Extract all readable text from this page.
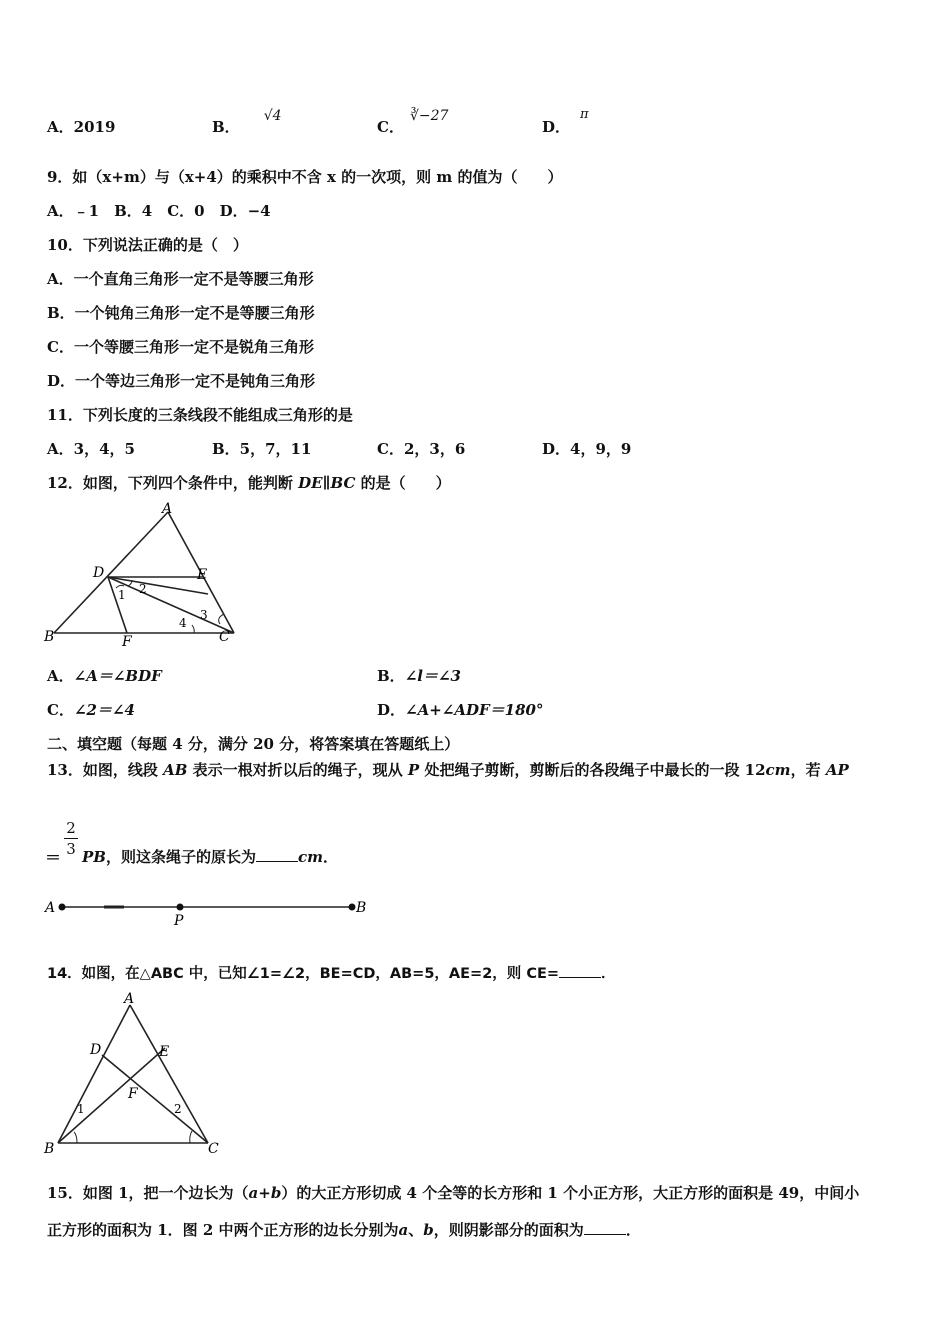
A．2019	B．√4
C．∛−27
D．π
9．如（x+m）与（x+4）的乘积中不含 x 的一次项，则 m 的值为（　　）
A．﹣1　B．4　C．0　D．−4
10．下列说法正确的是（　）
A．一个直角三角形一定不是等腰三角形
B．一个钝角三角形一定不是等腰三角形
C．一个等腰三角形一定不是锐角三角形
D．一个等边三角形一定不是钝角三角形
11．下列长度的三条线段不能组成三角形的是
A．3，4，5	B．5，7，11	C．2，3，6	D．4，9，9
12．如图，下列四个条件中，能判断 DE∥BC 的是（　　）
A
D	E
B	F	C
1 2
3
4
A．∠A＝∠BDF	B．∠l＝∠3
C．∠2＝∠4	D．∠A+∠ADF＝180°
二、填空题（每题 4 分，满分 20 分，将答案填在答题纸上）
13．如图，线段 AB 表示一根对折以后的绳子，现从 P 处把绳子剪断，剪断后的各段绳子中最长的一段 12cm，若 AP
$\frac{2}{3}$
＝ PB，则这条绳子的原长为	cm．
A
P
B
14．如图，在△ABC 中，已知∠1=∠2，BE=CD，AB=5，AE=2，则 CE=	．
A
D	E
F
B	C
1	2
15．如图 1，把一个边长为（a+b）的大正方形切成 4 个全等的长方形和 1 个小正方形，大正方形的面积是 49，中间小
正方形的面积为 1．图 2 中两个正方形的边长分别为a、b，则阴影部分的面积为	．
